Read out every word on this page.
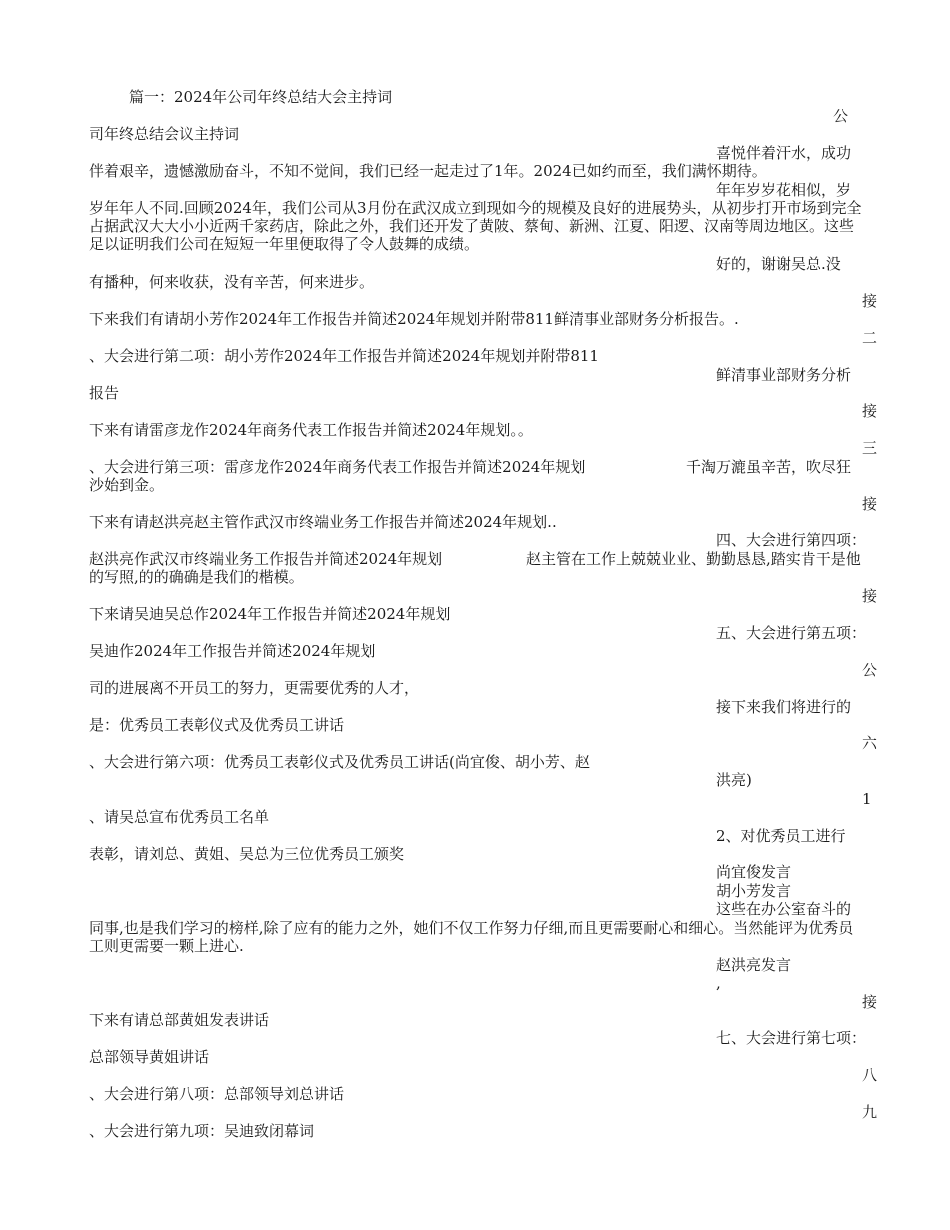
篇一：2024年公司年终总结大会主持词
公
司年终总结会议主持词
喜悦伴着汗水，成功
伴着艰辛，遗憾激励奋斗，不知不觉间，我们已经一起走过了1年。2024已如约而至，我们满怀期待。
年年岁岁花相似，岁
岁年年人不同.回顾2024年，我们公司从3月份在武汉成立到现如今的规模及良好的进展势头，从初步打开市场到完全占据武汉大大小小近两千家药店，除此之外，我们还开发了黄陂、蔡甸、新洲、江夏、阳逻、汉南等周边地区。这些足以证明我们公司在短短一年里便取得了令人鼓舞的成绩。
好的，谢谢吴总.没
有播种，何来收获，没有辛苦，何来进步。
接
下来我们有请胡小芳作2024年工作报告并简述2024年规划并附带811鲜清事业部财务分析报告。.
二
、大会进行第二项：胡小芳作2024年工作报告并简述2024年规划并附带811
鲜清事业部财务分析
报告
接
下来有请雷彦龙作2024年商务代表工作报告并简述2024年规划。。
三
、大会进行第三项：雷彦龙作2024年商务代表工作报告并简述2024年规划	千淘万漉虽辛苦，吹尽狂沙始到金。
接
下来有请赵洪亮赵主管作武汉市终端业务工作报告并简述2024年规划..
四、大会进行第四项：
赵洪亮作武汉市终端业务工作报告并简述2024年规划	赵主管在工作上兢兢业业、勤勤恳恳,踏实肯干是他的写照,的的确确是我们的楷模。
接
下来请吴迪吴总作2024年工作报告并简述2024年规划
五、大会进行第五项：
吴迪作2024年工作报告并简述2024年规划
公
司的进展离不开员工的努力，更需要优秀的人才，
接下来我们将进行的
是：优秀员工表彰仪式及优秀员工讲话
六
、大会进行第六项：优秀员工表彰仪式及优秀员工讲话(尚宜俊、胡小芳、赵
洪亮)
1
、请吴总宣布优秀员工名单
2、对优秀员工进行
表彰，请刘总、黄姐、吴总为三位优秀员工颁奖
尚宜俊发言
胡小芳发言
这些在办公室奋斗的
同事,也是我们学习的榜样,除了应有的能力之外，她们不仅工作努力仔细,而且更需要耐心和细心。当然能评为优秀员工则更需要一颗上进心.
赵洪亮发言
,
接
下来有请总部黄姐发表讲话
七、大会进行第七项：
总部领导黄姐讲话
八
、大会进行第八项：总部领导刘总讲话
九
、大会进行第九项：吴迪致闭幕词
